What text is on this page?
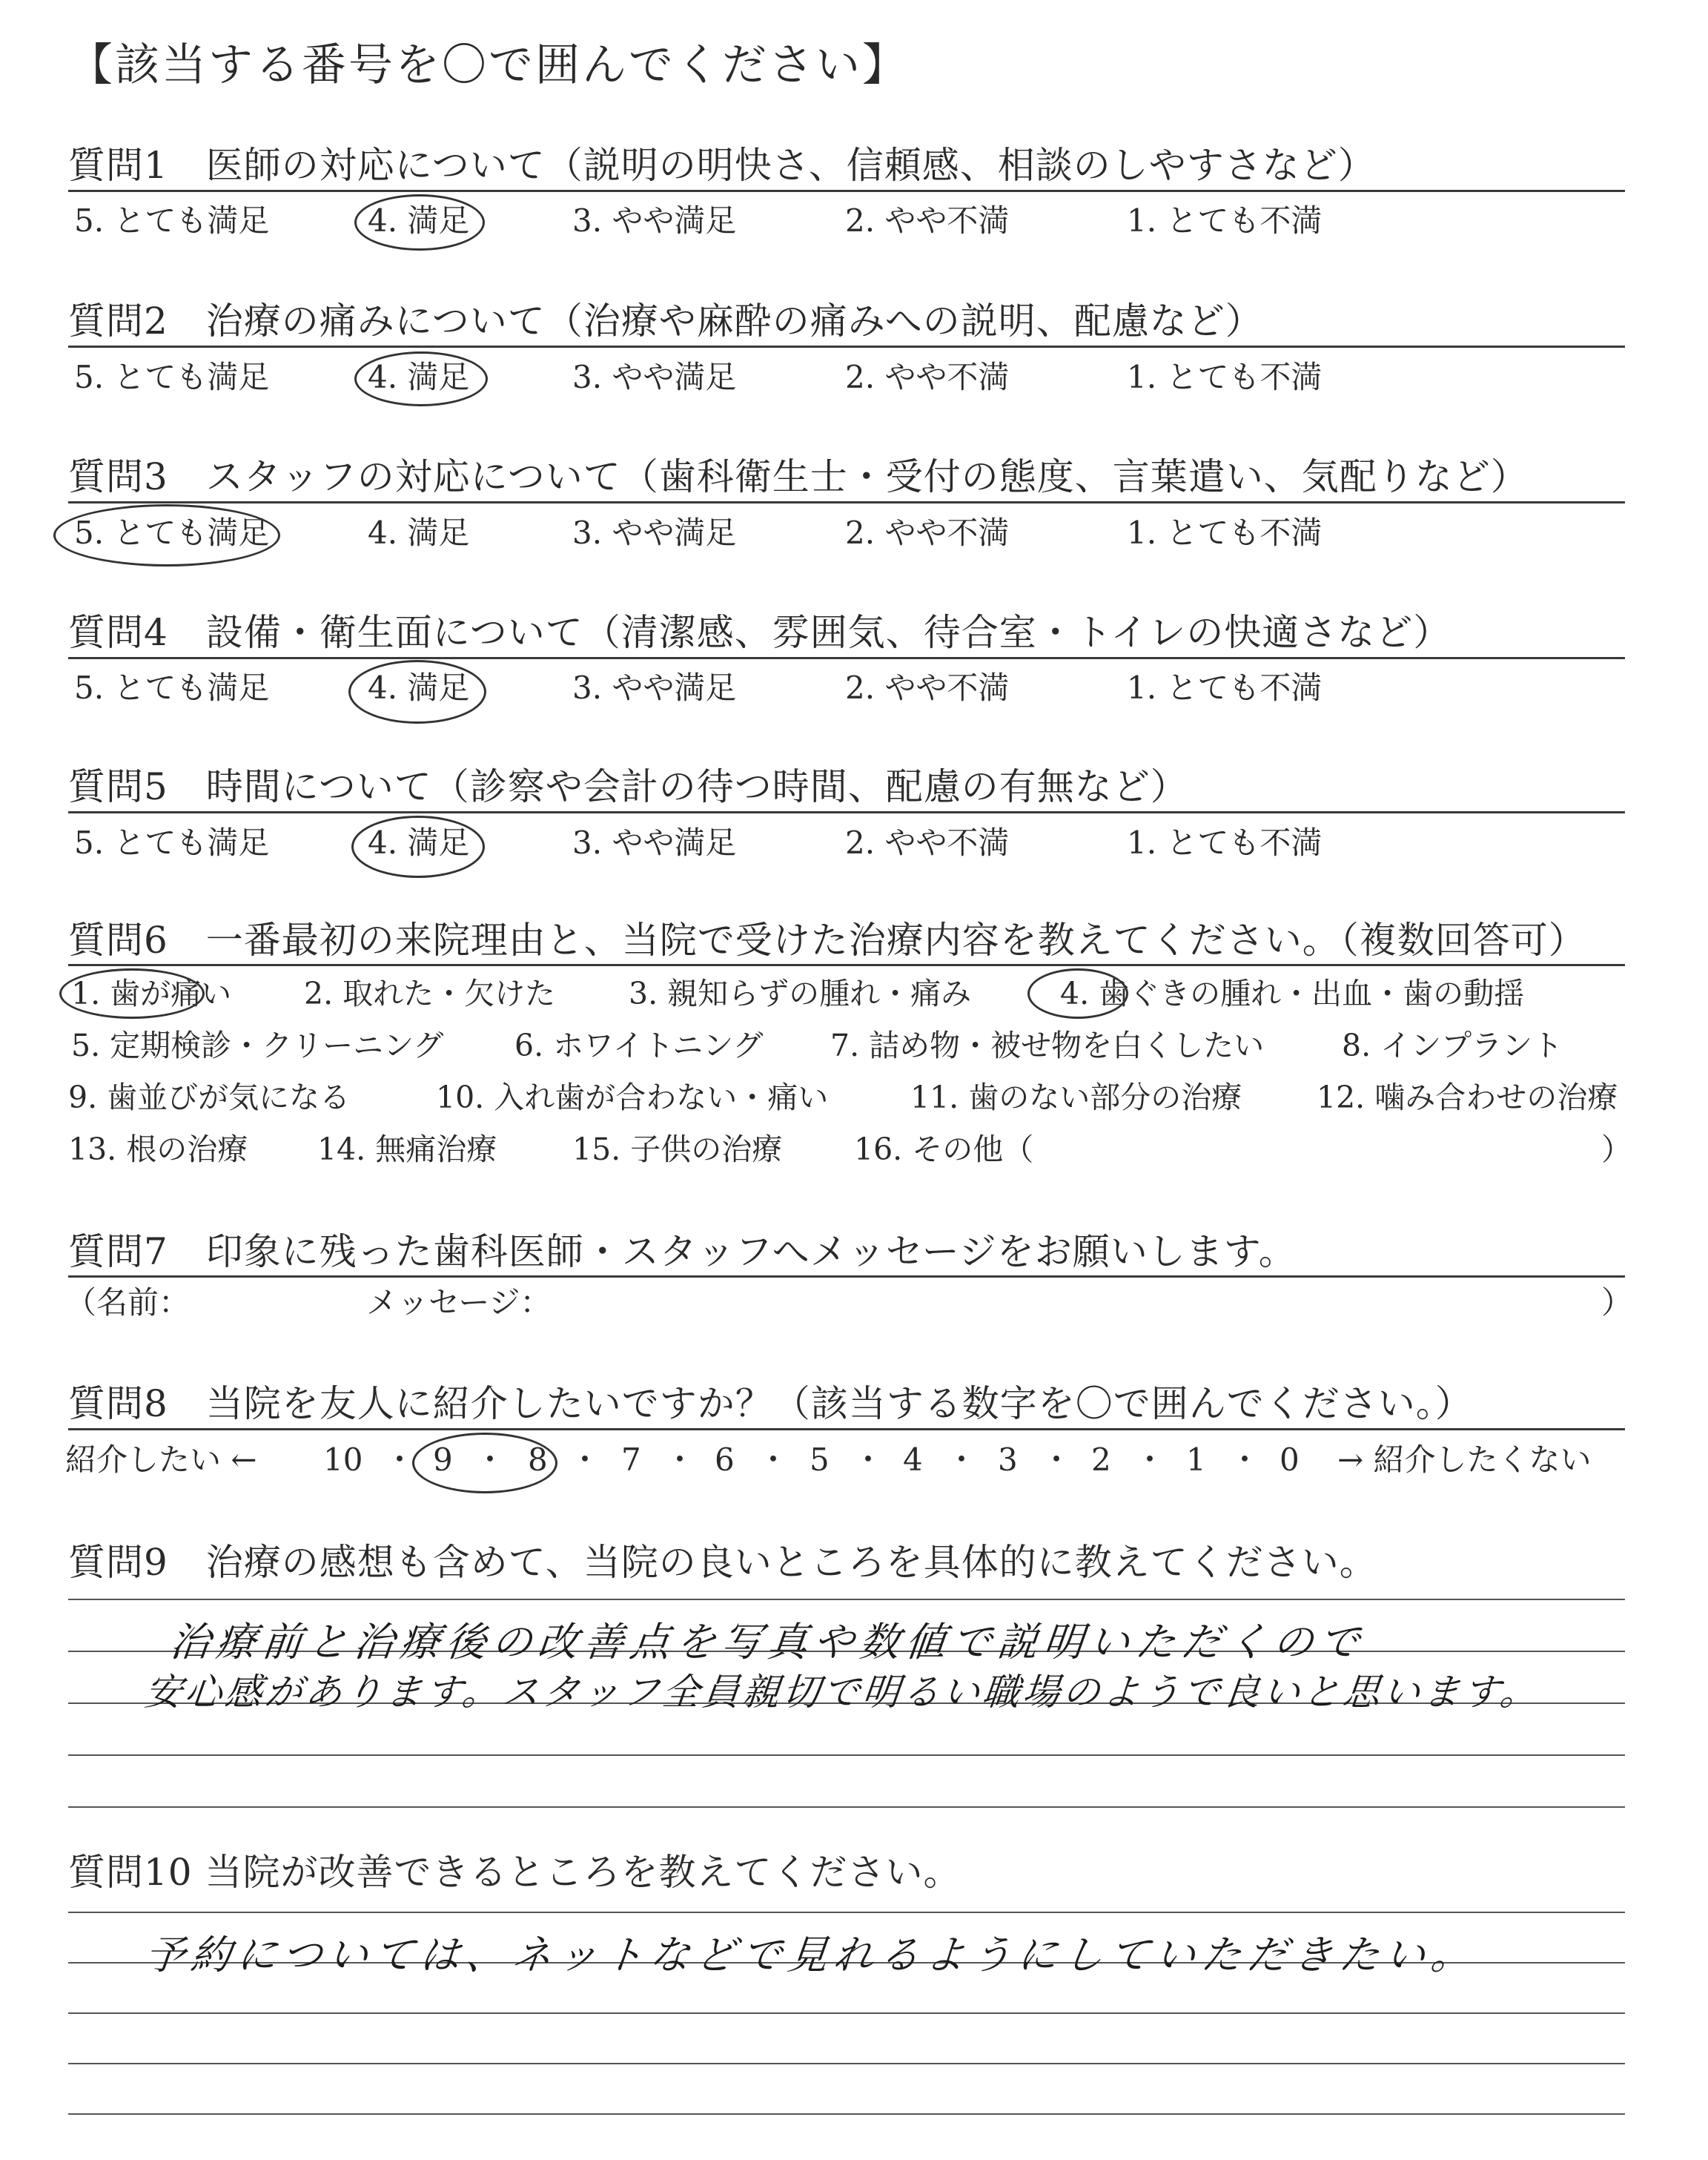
【該当する番号を〇で囲んでください】
質問1　医師の対応について（説明の明快さ、信頼感、相談のしやすさなど）
5. とても満足	4. 満足	3. やや満足	2. やや不満	1. とても不満
質問2　治療の痛みについて（治療や麻酔の痛みへの説明、配慮など）
5. とても満足	4. 満足	3. やや満足	2. やや不満	1. とても不満
質問3　スタッフの対応について（歯科衛生士・受付の態度、言葉遣い、気配りなど）
5. とても満足	4. 満足	3. やや満足	2. やや不満	1. とても不満
質問4　設備・衛生面について（清潔感、雰囲気、待合室・トイレの快適さなど）
5. とても満足	4. 満足	3. やや満足	2. やや不満	1. とても不満
質問5　時間について（診察や会計の待つ時間、配慮の有無など）
5. とても満足	4. 満足	3. やや満足	2. やや不満	1. とても不満
質問6　一番最初の来院理由と、当院で受けた治療内容を教えてください。（複数回答可）
1. 歯が痛い 2. 取れた・欠けた 3. 親知らずの腫れ・痛み	4. 歯ぐきの腫れ・出血・歯の動揺
5. 定期検診・クリーニング 6. ホワイトニング 7. 詰め物・被せ物を白くしたい	8. インプラント
9. 歯並びが気になる	10. 入れ歯が合わない・痛い	11. 歯のない部分の治療 12. 噛み合わせの治療
13. 根の治療 14. 無痛治療 15. 子供の治療 16. その他（	）
質問7　印象に残った歯科医師・スタッフへメッセージをお願いします。
（名前：	メッセージ：	）
質問8　当院を友人に紹介したいですか？（該当する数字を〇で囲んでください。）
紹介したい ← 10 ・ 9 ・ 8 ・ 7 ・ 6 ・ 5 ・ 4 ・ 3 ・ 2 ・ 1 ・ 0 → 紹介したくない
質問9　治療の感想も含めて、当院の良いところを具体的に教えてください。
治療前と治療後の改善点を写真や数値で説明いただくので
安心感があります。スタッフ全員親切で明るい職場のようで良いと思います。
質問10 当院が改善できるところを教えてください。
予約については、ネットなどで見れるようにしていただきたい。
